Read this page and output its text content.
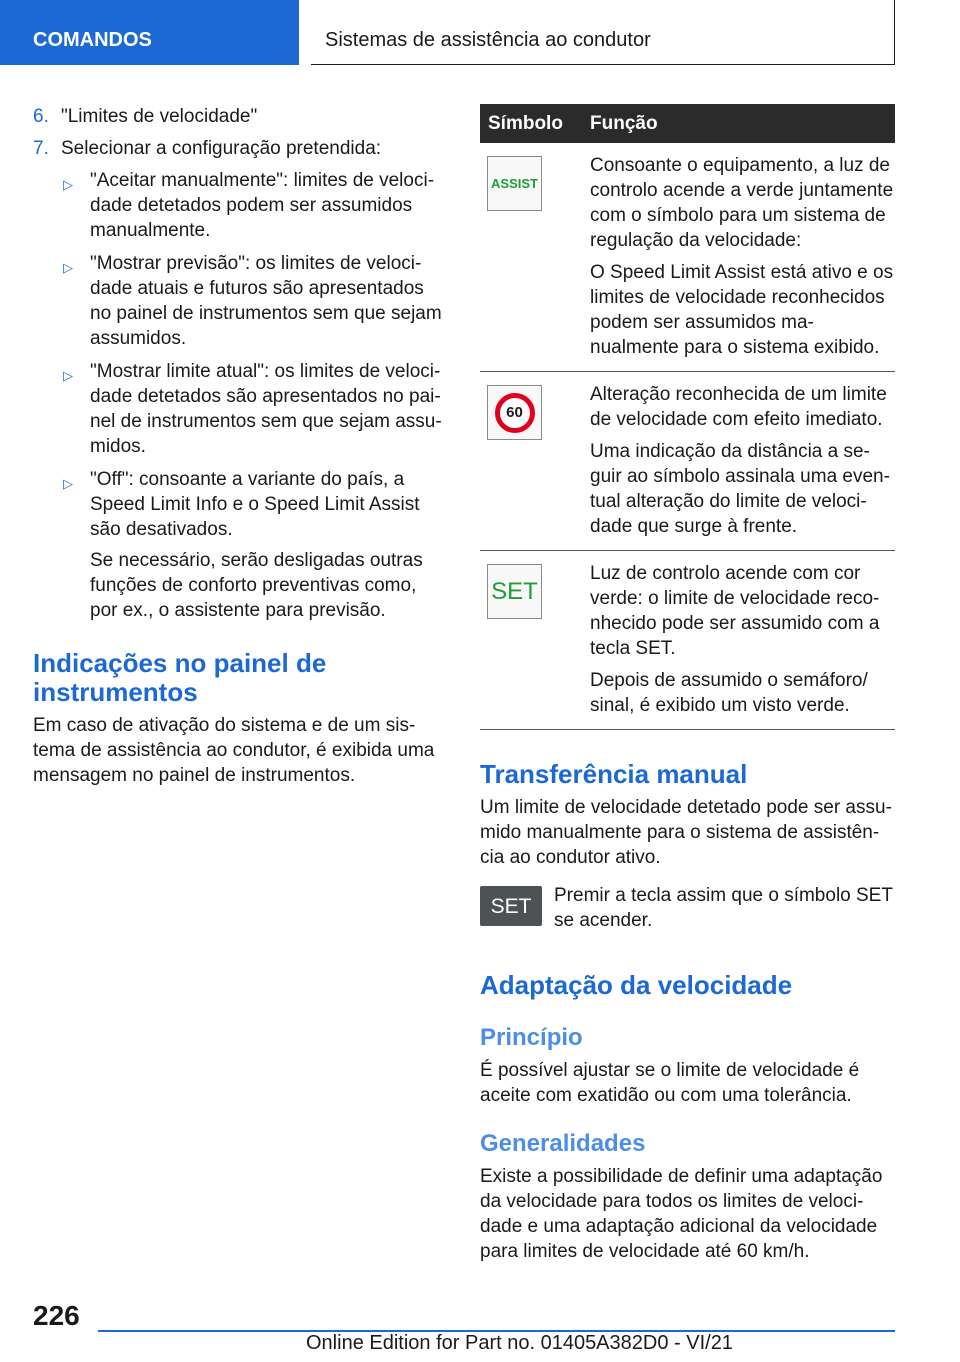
COMANDOS	Sistemas de assistência ao condutor
6. "Limites de velocidade"
7. Selecionar a configuração pretendida:
▷ "Aceitar manualmente": limites de velocidade detetados podem ser assumidos manualmente.

▷ "Mostrar previsão": os limites de velocidade atuais e futuros são apresentados no painel de instrumentos sem que sejam assumidos.

▷ "Mostrar limite atual": os limites de velocidade detetados são apresentados no painel de instrumentos sem que sejam assumidos.

▷ "Off": consoante a variante do país, a Speed Limit Info e o Speed Limit Assist são desativados.

Se necessário, serão desligadas outras funções de conforto preventivas como, por ex., o assistente para previsão.

Indicações no painel de instrumentos

Em caso de ativação do sistema e de um sistema de assistência ao condutor, é exibida uma mensagem no painel de instrumentos.

Símbolo	Função
ASSIST

Consoante o equipamento, a luz de controlo acende a verde juntamente com o símbolo para um sistema de regulação da velocidade:

O Speed Limit Assist está ativo e os limites de velocidade reconhecidos podem ser assumidos manualmente para o sistema exibido.

60

Alteração reconhecida de um limite de velocidade com efeito imediato.

Uma indicação da distância a seguir ao símbolo assinala uma eventual alteração do limite de velocidade que surge à frente.

SET

Luz de controlo acende com cor verde: o limite de velocidade reconhecido pode ser assumido com a tecla SET.

Depois de assumido o semáforo/ sinal, é exibido um visto verde.

Transferência manual

Um limite de velocidade detetado pode ser assumido manualmente para o sistema de assistência ao condutor ativo.

SET Premir a tecla assim que o símbolo SET se acender.

Adaptação da velocidade
Princípio

É possível ajustar se o limite de velocidade é aceite com exatidão ou com uma tolerância.

Generalidades

Existe a possibilidade de definir uma adaptação da velocidade para todos os limites de velocidade e uma adaptação adicional da velocidade para limites de velocidade até 60 km/h.

226
Online Edition for Part no. 01405A382D0 - VI/21
